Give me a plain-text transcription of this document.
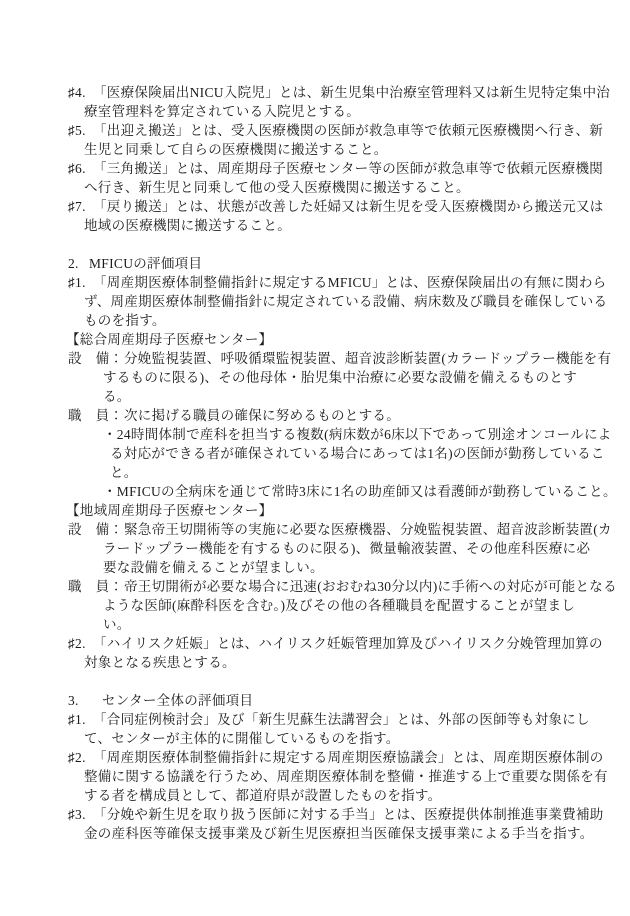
♯4. 「医療保険届出NICU入院児」とは、新生児集中治療室管理料又は新生児特定集中治
療室管理料を算定されている入院児とする。
♯5. 「出迎え搬送」とは、受入医療機関の医師が救急車等で依頼元医療機関へ行き、新
生児と同乗して自らの医療機関に搬送すること。
♯6. 「三角搬送」とは、周産期母子医療センター等の医師が救急車等で依頼元医療機関
へ行き、新生児と同乗して他の受入医療機関に搬送すること。
♯7. 「戻り搬送」とは、状態が改善した妊婦又は新生児を受入医療機関から搬送元又は
地域の医療機関に搬送すること。
2. MFICUの評価項目
♯1. 「周産期医療体制整備指針に規定するMFICU」とは、医療保険届出の有無に関わら
ず、周産期医療体制整備指針に規定されている設備、病床数及び職員を確保している
ものを指す。
【総合周産期母子医療センター】
設　備：分娩監視装置、呼吸循環監視装置、超音波診断装置(カラードップラー機能を有
するものに限る)、その他母体・胎児集中治療に必要な設備を備えるものとす
る。
職　員：次に掲げる職員の確保に努めるものとする。
・24時間体制で産科を担当する複数(病床数が6床以下であって別途オンコールによ
る対応ができる者が確保されている場合にあっては1名)の医師が勤務しているこ
と。
・MFICUの全病床を通じて常時3床に1名の助産師又は看護師が勤務していること。
【地域周産期母子医療センター】
設　備：緊急帝王切開術等の実施に必要な医療機器、分娩監視装置、超音波診断装置(カ
ラードップラー機能を有するものに限る)、微量輸液装置、その他産科医療に必
要な設備を備えることが望ましい。
職　員：帝王切開術が必要な場合に迅速(おおむね30分以内)に手術への対応が可能となる
ような医師(麻酔科医を含む。)及びその他の各種職員を配置することが望まし
い。
♯2. 「ハイリスク妊娠」とは、ハイリスク妊娠管理加算及びハイリスク分娩管理加算の
対象となる疾患とする。
3. センター全体の評価項目
♯1. 「合同症例検討会」及び「新生児蘇生法講習会」とは、外部の医師等も対象にし
て、センターが主体的に開催しているものを指す。
♯2. 「周産期医療体制整備指針に規定する周産期医療協議会」とは、周産期医療体制の
整備に関する協議を行うため、周産期医療体制を整備・推進する上で重要な関係を有
する者を構成員として、都道府県が設置したものを指す。
♯3. 「分娩や新生児を取り扱う医師に対する手当」とは、医療提供体制推進事業費補助
金の産科医等確保支援事業及び新生児医療担当医確保支援事業による手当を指す。
